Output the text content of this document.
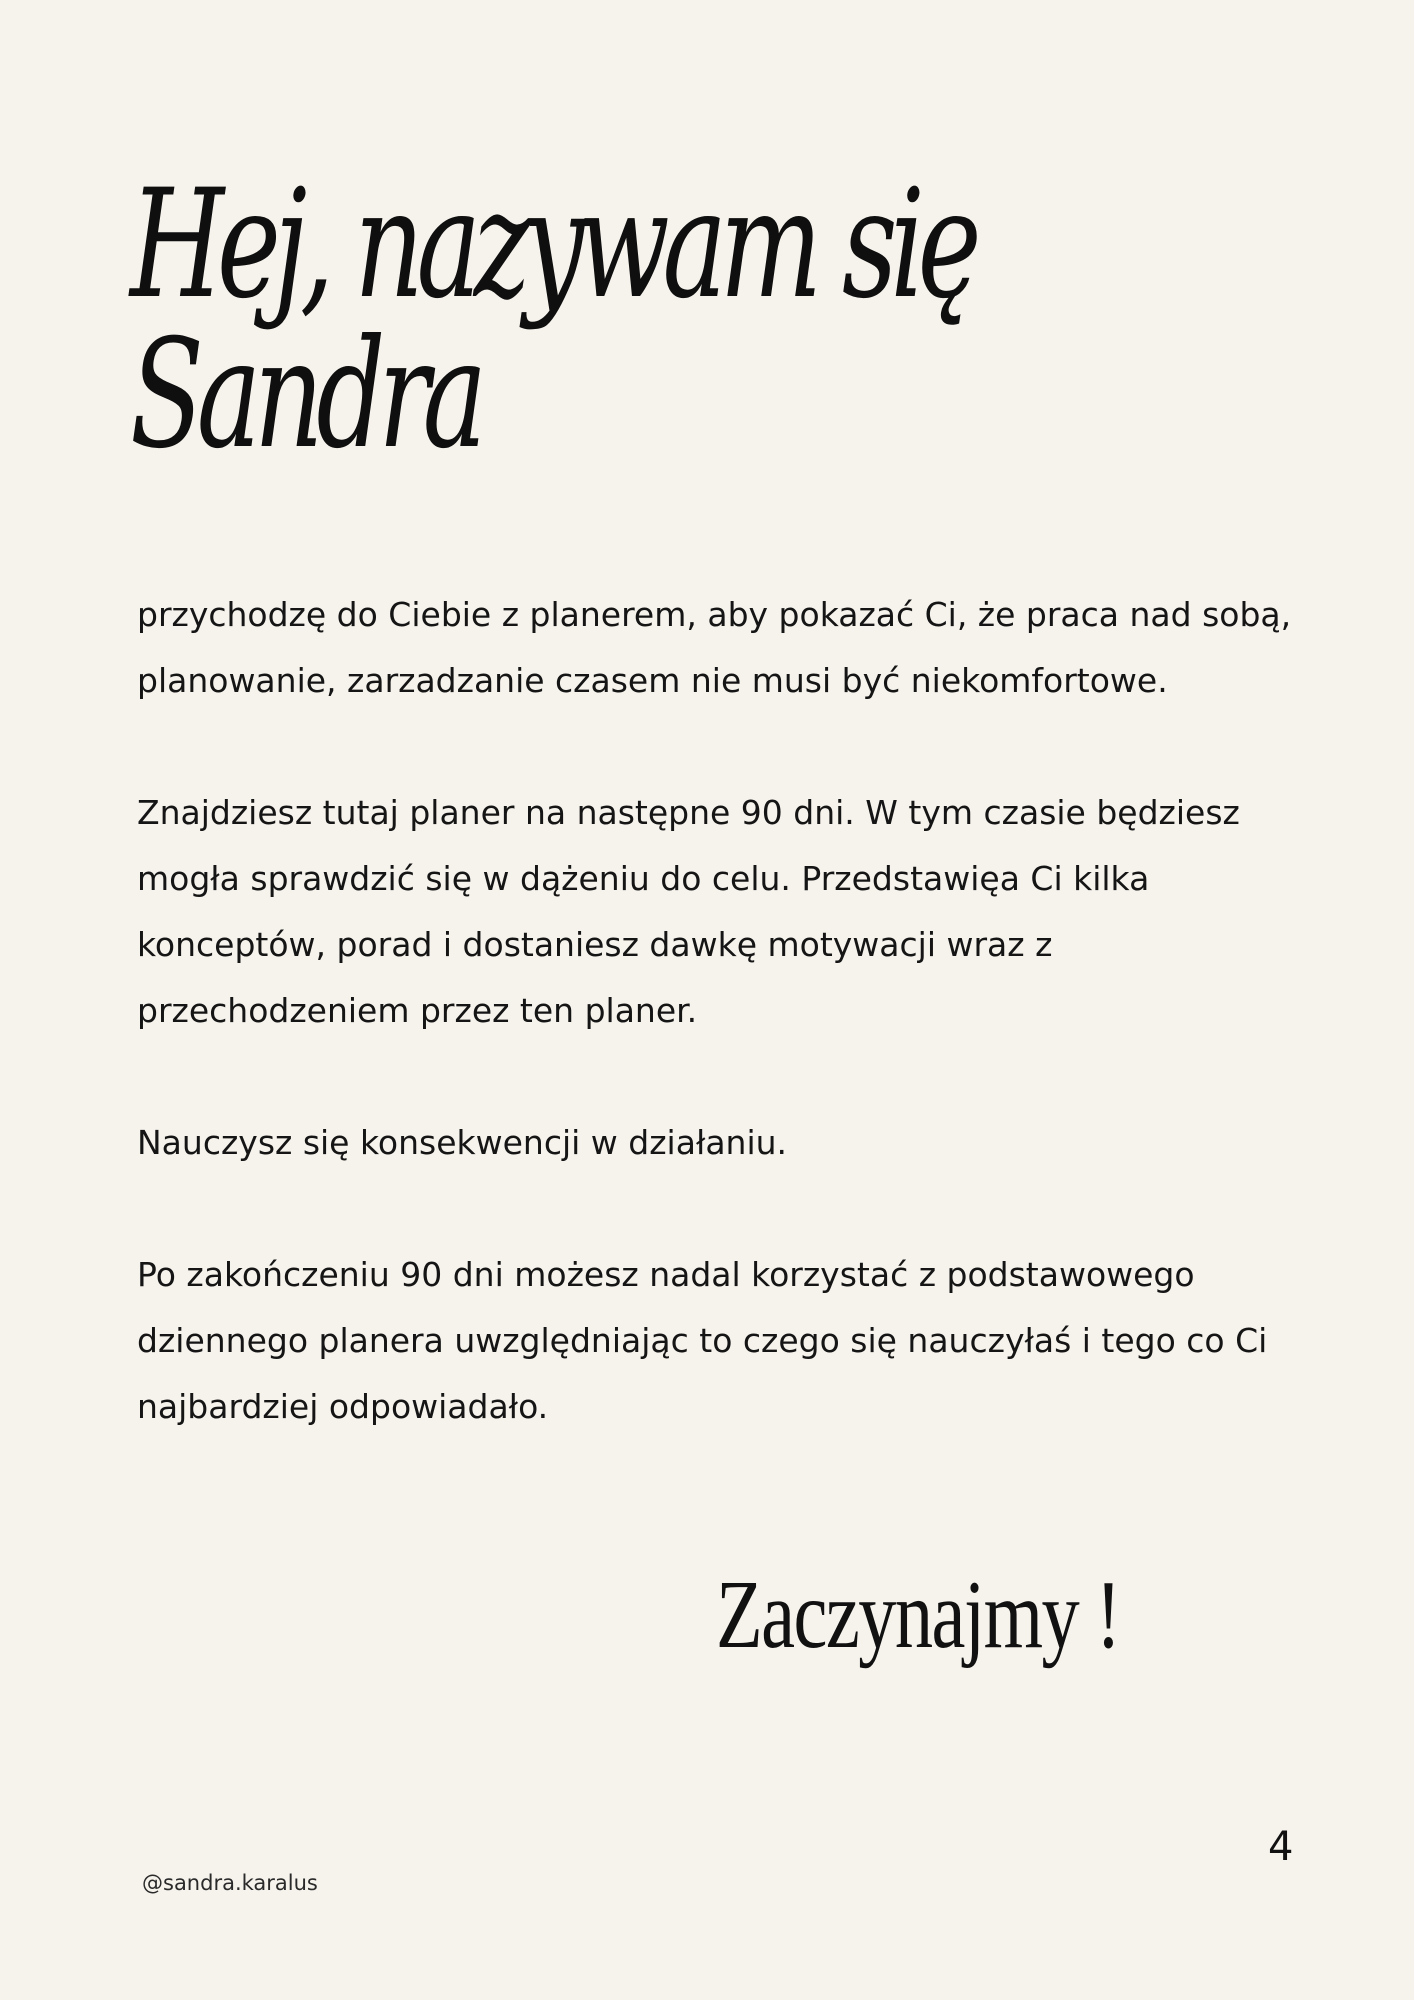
Hej, nazywam się
Sandra

przychodzę do Ciebie z planerem, aby pokazać Ci, że praca nad sobą, planowanie, zarzadzanie czasem nie musi być niekomfortowe.

Znajdziesz tutaj planer na następne 90 dni. W tym czasie będziesz mogła sprawdzić się w dążeniu do celu. Przedstawięa Ci kilka konceptów, porad i dostaniesz dawkę motywacji wraz z przechodzeniem przez ten planer.

Nauczysz się konsekwencji w działaniu.

Po zakończeniu 90 dni możesz nadal korzystać z podstawowego dziennego planera uwzględniając to czego się nauczyłaś i tego co Ci najbardziej odpowiadało.

Zaczynajmy !
@sandra.karalus
4
